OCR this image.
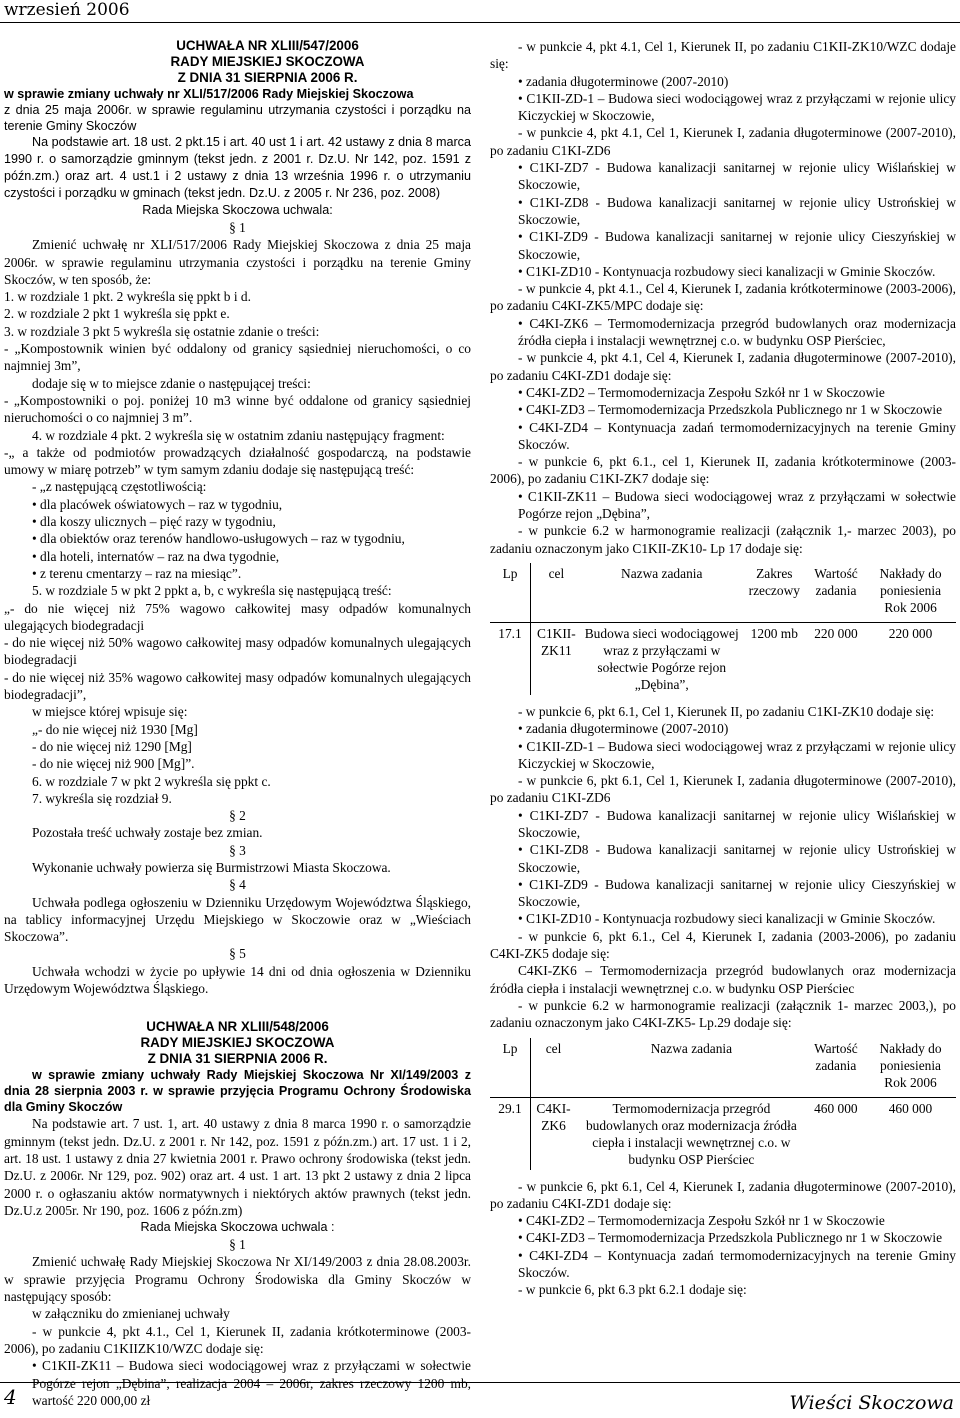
wrzesień 2006
UCHWAŁA NR XLIII/547/2006
RADY MIEJSKIEJ SKOCZOWA
Z DNIA 31 SIERPNIA 2006 R.

w sprawie zmiany uchwały nr XLI/517/2006 Rady Miejskiej Skoczowa

z dnia 25 maja 2006r. w sprawie regulaminu utrzymania czystości i porządku na terenie Gminy Skoczów

Na podstawie art. 18 ust. 2 pkt.15 i art. 40 ust 1 i art. 42 ustawy z dnia 8 marca 1990 r. o samorządzie gminnym (tekst jedn. z 2001 r. Dz.U. Nr 142, poz. 1591 z późn.zm.) oraz art. 4 ust.1 i 2 ustawy z dnia 13 września 1996 r. o utrzymaniu czystości i porządku w gminach (tekst jedn. Dz.U. z 2005 r. Nr 236, poz. 2008)

Rada Miejska Skoczowa uchwala:

§ 1

Zmienić uchwałę nr XLI/517/2006 Rady Miejskiej Skoczowa z dnia 25 maja 2006r. w sprawie regulaminu utrzymania czystości i porządku na terenie Gminy Skoczów, w ten sposób, że:

1. w rozdziale 1 pkt. 2 wykreśla się ppkt b i d.

2. w rozdziale 2 pkt 1 wykreśla się ppkt e.

3. w rozdziale 3 pkt 5 wykreśla się ostatnie zdanie o treści:

- „Kompostownik winien być oddalony od granicy sąsiedniej nieruchomości, o co najmniej 3m”,

dodaje się w to miejsce zdanie o następującej treści:

- „Kompostowniki o poj. poniżej 10 m3 winne być oddalone od granicy sąsiedniej nieruchomości o co najmniej 3 m”.

4. w rozdziale 4 pkt. 2 wykreśla się w ostatnim zdaniu następujący fragment:

-„ a także od podmiotów prowadzących działalność gospodarczą, na podstawie umowy w miarę potrzeb” w tym samym zdaniu dodaje się następującą treść:

- „z następującą częstotliwością:

• dla placówek oświatowych – raz w tygodniu,

• dla koszy ulicznych – pięć razy w tygodniu,

• dla obiektów oraz terenów handlowo-usługowych – raz w tygodniu,

• dla hoteli, internatów – raz na dwa tygodnie,

• z terenu cmentarzy – raz na miesiąc”.

5. w rozdziale 5 w pkt 2 ppkt a, b, c wykreśla się następującą treść:

„- do nie więcej niż 75% wagowo całkowitej masy odpadów komunalnych ulegających biodegradacji

- do nie więcej niż 50% wagowo całkowitej masy odpadów komunalnych ulegających biodegradacji

- do nie więcej niż 35% wagowo całkowitej masy odpadów komunalnych ulegających biodegradacji”,

w miejsce której wpisuje się:

„- do nie więcej niż 1930 [Mg]

- do nie więcej niż 1290 [Mg]

- do nie więcej niż 900 [Mg]”.

6. w rozdziale 7 w pkt 2 wykreśla się ppkt c.

7. wykreśla się rozdział 9.

§ 2

Pozostała treść uchwały zostaje bez zmian.

§ 3

Wykonanie uchwały powierza się Burmistrzowi Miasta Skoczowa.

§ 4

Uchwała podlega ogłoszeniu w Dzienniku Urzędowym Województwa Śląskiego, na tablicy informacyjnej Urzędu Miejskiego w Skoczowie oraz w „Wieściach Skoczowa”.

§ 5

Uchwała wchodzi w życie po upływie 14 dni od dnia ogłoszenia w Dzienniku Urzędowym Województwa Śląskiego.

UCHWAŁA NR XLIII/548/2006
RADY MIEJSKIEJ SKOCZOWA
Z DNIA 31 SIERPNIA 2006 R.

w sprawie zmiany uchwały Rady Miejskiej Skoczowa Nr XI/149/2003 z dnia 28 sierpnia 2003 r. w sprawie przyjęcia Programu Ochrony Środowiska dla Gminy Skoczów

Na podstawie art. 7 ust. 1, art. 40 ustawy z dnia 8 marca 1990 r. o samorządzie gminnym (tekst jedn. Dz.U. z 2001 r. Nr 142, poz. 1591 z późn.zm.) art. 17 ust. 1 i 2, art. 18 ust. 1 ustawy z dnia 27 kwietnia 2001 r. Prawo ochrony środowiska (tekst jedn. Dz.U. z 2006r. Nr 129, poz. 902) oraz art. 4 ust. 1 art. 13 pkt 2 ustawy z dnia 2 lipca 2000 r. o ogłaszaniu aktów normatywnych i niektórych aktów prawnych (tekst jedn. Dz.U.z 2005r. Nr 190, poz. 1606 z późn.zm)

Rada Miejska Skoczowa uchwala :

§ 1

Zmienić uchwałę Rady Miejskiej Skoczowa Nr XI/149/2003 z dnia 28.08.2003r. w sprawie przyjęcia Programu Ochrony Środowiska dla Gminy Skoczów w następujący sposób:

w załączniku do zmienianej uchwały

- w punkcie 4, pkt 4.1., Cel 1, Kierunek II, zadania krótkoterminowe (2003-2006), po zadaniu C1KIIZK10/WZC dodaje się:

• C1KII-ZK11 – Budowa sieci wodociągowej wraz z przyłączami w sołectwie Pogórze rejon „Dębina”, realizacja 2004 – 2006r, zakres rzeczowy 1200 mb, wartość 220 000,00 zł

- w punkcie 4, pkt 4.1, Cel 1, Kierunek II, po zadaniu C1KII-ZK10/WZC dodaje się:

• zadania długoterminowe (2007-2010)

• C1KII-ZD-1 – Budowa sieci wodociągowej wraz z przyłączami w rejonie ulicy Kiczyckiej w Skoczowie,

- w punkcie 4, pkt 4.1, Cel 1, Kierunek I, zadania długoterminowe (2007-2010), po zadaniu C1KI-ZD6

• C1KI-ZD7 - Budowa kanalizacji sanitarnej w rejonie ulicy Wiślańskiej w Skoczowie,

• C1KI-ZD8 - Budowa kanalizacji sanitarnej w rejonie ulicy Ustrońskiej w Skoczowie,

• C1KI-ZD9 - Budowa kanalizacji sanitarnej w rejonie ulicy Cieszyńskiej w Skoczowie,

• C1KI-ZD10 - Kontynuacja rozbudowy sieci kanalizacji w Gminie Skoczów.

- w punkcie 4, pkt 4.1., Cel 4, Kierunek I, zadania krótkoterminowe (2003-2006), po zadaniu C4KI-ZK5/MPC dodaje się:

• C4KI-ZK6 – Termomodernizacja przegród budowlanych oraz modernizacja źródła ciepła i instalacji wewnętrznej c.o. w budynku OSP Pierściec,

- w punkcie 4, pkt 4.1, Cel 4, Kierunek I, zadania długoterminowe (2007-2010), po zadaniu C4KI-ZD1 dodaje się:

• C4KI-ZD2 – Termomodernizacja Zespołu Szkół nr 1 w Skoczowie

• C4KI-ZD3 – Termomodernizacja Przedszkola Publicznego nr 1 w Skoczowie

• C4KI-ZD4 – Kontynuacja zadań termomodernizacyjnych na terenie Gminy Skoczów.

- w punkcie 6, pkt 6.1., cel 1, Kierunek II, zadania krótkoterminowe (2003-2006), po zadaniu C1KI-ZK7 dodaje się:

• C1KII-ZK11 – Budowa sieci wodociągowej wraz z przyłączami w sołectwie Pogórze rejon „Dębina”,

- w punkcie 6.2 w harmonogramie realizacji (załącznik 1,- marzec 2003), po zadaniu oznaczonym jako C1KII-ZK10- Lp 17 dodaje się:

Lp	cel	Nazwa zadania	Zakres rzeczowy	Wartość zadania	Nakłady do poniesienia Rok 2006
17.1	C1KII-ZK11	Budowa sieci wodociągowej wraz z przyłączami w sołectwie Pogórze rejon „Dębina”,	1200 mb	220 000	220 000

- w punkcie 6, pkt 6.1, Cel 1, Kierunek II, po zadaniu C1KI-ZK10 dodaje się:

• zadania długoterminowe (2007-2010)

• C1KII-ZD-1 – Budowa sieci wodociągowej wraz z przyłączami w rejonie ulicy Kiczyckiej w Skoczowie,

- w punkcie 6, pkt 6.1, Cel 1, Kierunek I, zadania długoterminowe (2007-2010), po zadaniu C1KI-ZD6

• C1KI-ZD7 - Budowa kanalizacji sanitarnej w rejonie ulicy Wiślańskiej w Skoczowie,

• C1KI-ZD8 - Budowa kanalizacji sanitarnej w rejonie ulicy Ustrońskiej w Skoczowie,

• C1KI-ZD9 - Budowa kanalizacji sanitarnej w rejonie ulicy Cieszyńskiej w Skoczowie,

• C1KI-ZD10 - Kontynuacja rozbudowy sieci kanalizacji w Gminie Skoczów.

- w punkcie 6, pkt 6.1., Cel 4, Kierunek I, zadania (2003-2006), po zadaniu C4KI-ZK5 dodaje się:

C4KI-ZK6 – Termomodernizacja przegród budowlanych oraz modernizacja źródła ciepła i instalacji wewnętrznej c.o. w budynku OSP Pierściec

- w punkcie 6.2 w harmonogramie realizacji (załącznik 1- marzec 2003,), po zadaniu oznaczonym jako C4KI-ZK5- Lp.29 dodaje się:

Lp	cel	Nazwa zadania	Wartość zadania	Nakłady do poniesienia Rok 2006
29.1	C4KI-ZK6	Termomodernizacja przegród budowlanych oraz modernizacja źródła ciepła i instalacji wewnętrznej c.o. w budynku OSP Pierściec	460 000	460 000

- w punkcie 6, pkt 6.1, Cel 4, Kierunek I, zadania długoterminowe (2007-2010), po zadaniu C4KI-ZD1 dodaje się:

• C4KI-ZD2 – Termomodernizacja Zespołu Szkół nr 1 w Skoczowie

• C4KI-ZD3 – Termomodernizacja Przedszkola Publicznego nr 1 w Skoczowie

• C4KI-ZD4 – Kontynuacja zadań termomodernizacyjnych na terenie Gminy Skoczów.

- w punkcie 6, pkt 6.3 pkt 6.2.1 dodaje się:

4	Wieści Skoczowa
